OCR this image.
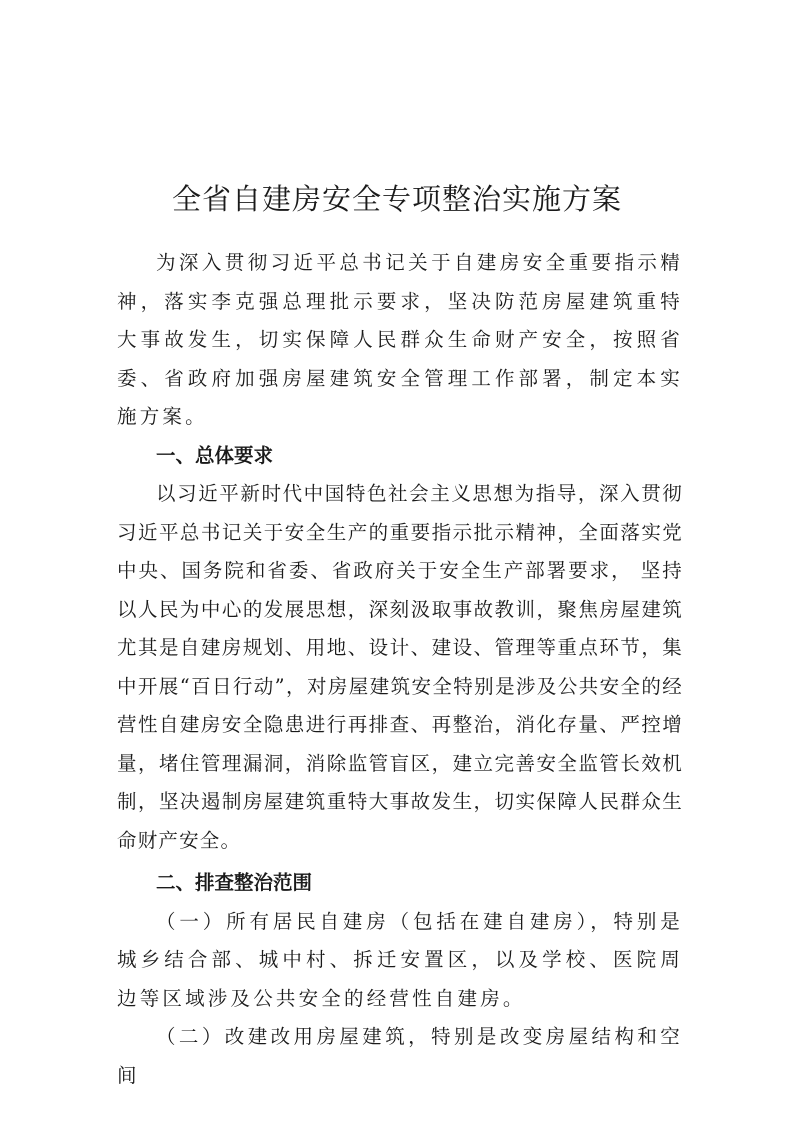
全省自建房安全专项整治实施方案

为深入贯彻习近平总书记关于自建房安全重要指示精神，落实李克强总理批示要求，坚决防范房屋建筑重特大事故发生，切实保障人民群众生命财产安全，按照省委、省政府加强房屋建筑安全管理工作部署，制定本实施方案。

一、总体要求

以习近平新时代中国特色社会主义思想为指导，深入贯彻习近平总书记关于安全生产的重要指示批示精神，全面落实党中央、国务院和省委、省政府关于安全生产部署要求， 坚持以人民为中心的发展思想，深刻汲取事故教训，聚焦房屋建筑尤其是自建房规划、用地、设计、建设、管理等重点环节，集中开展“百日行动”，对房屋建筑安全特别是涉及公共安全的经营性自建房安全隐患进行再排查、再整治，消化存量、严控增量，堵住管理漏洞，消除监管盲区，建立完善安全监管长效机制，坚决遏制房屋建筑重特大事故发生，切实保障人民群众生命财产安全。

二、排查整治范围

（一）所有居民自建房（包括在建自建房），特别是城乡结合部、城中村、拆迁安置区，以及学校、医院周边等区域涉及公共安全的经营性自建房。

（二）改建改用房屋建筑，特别是改变房屋结构和空间
